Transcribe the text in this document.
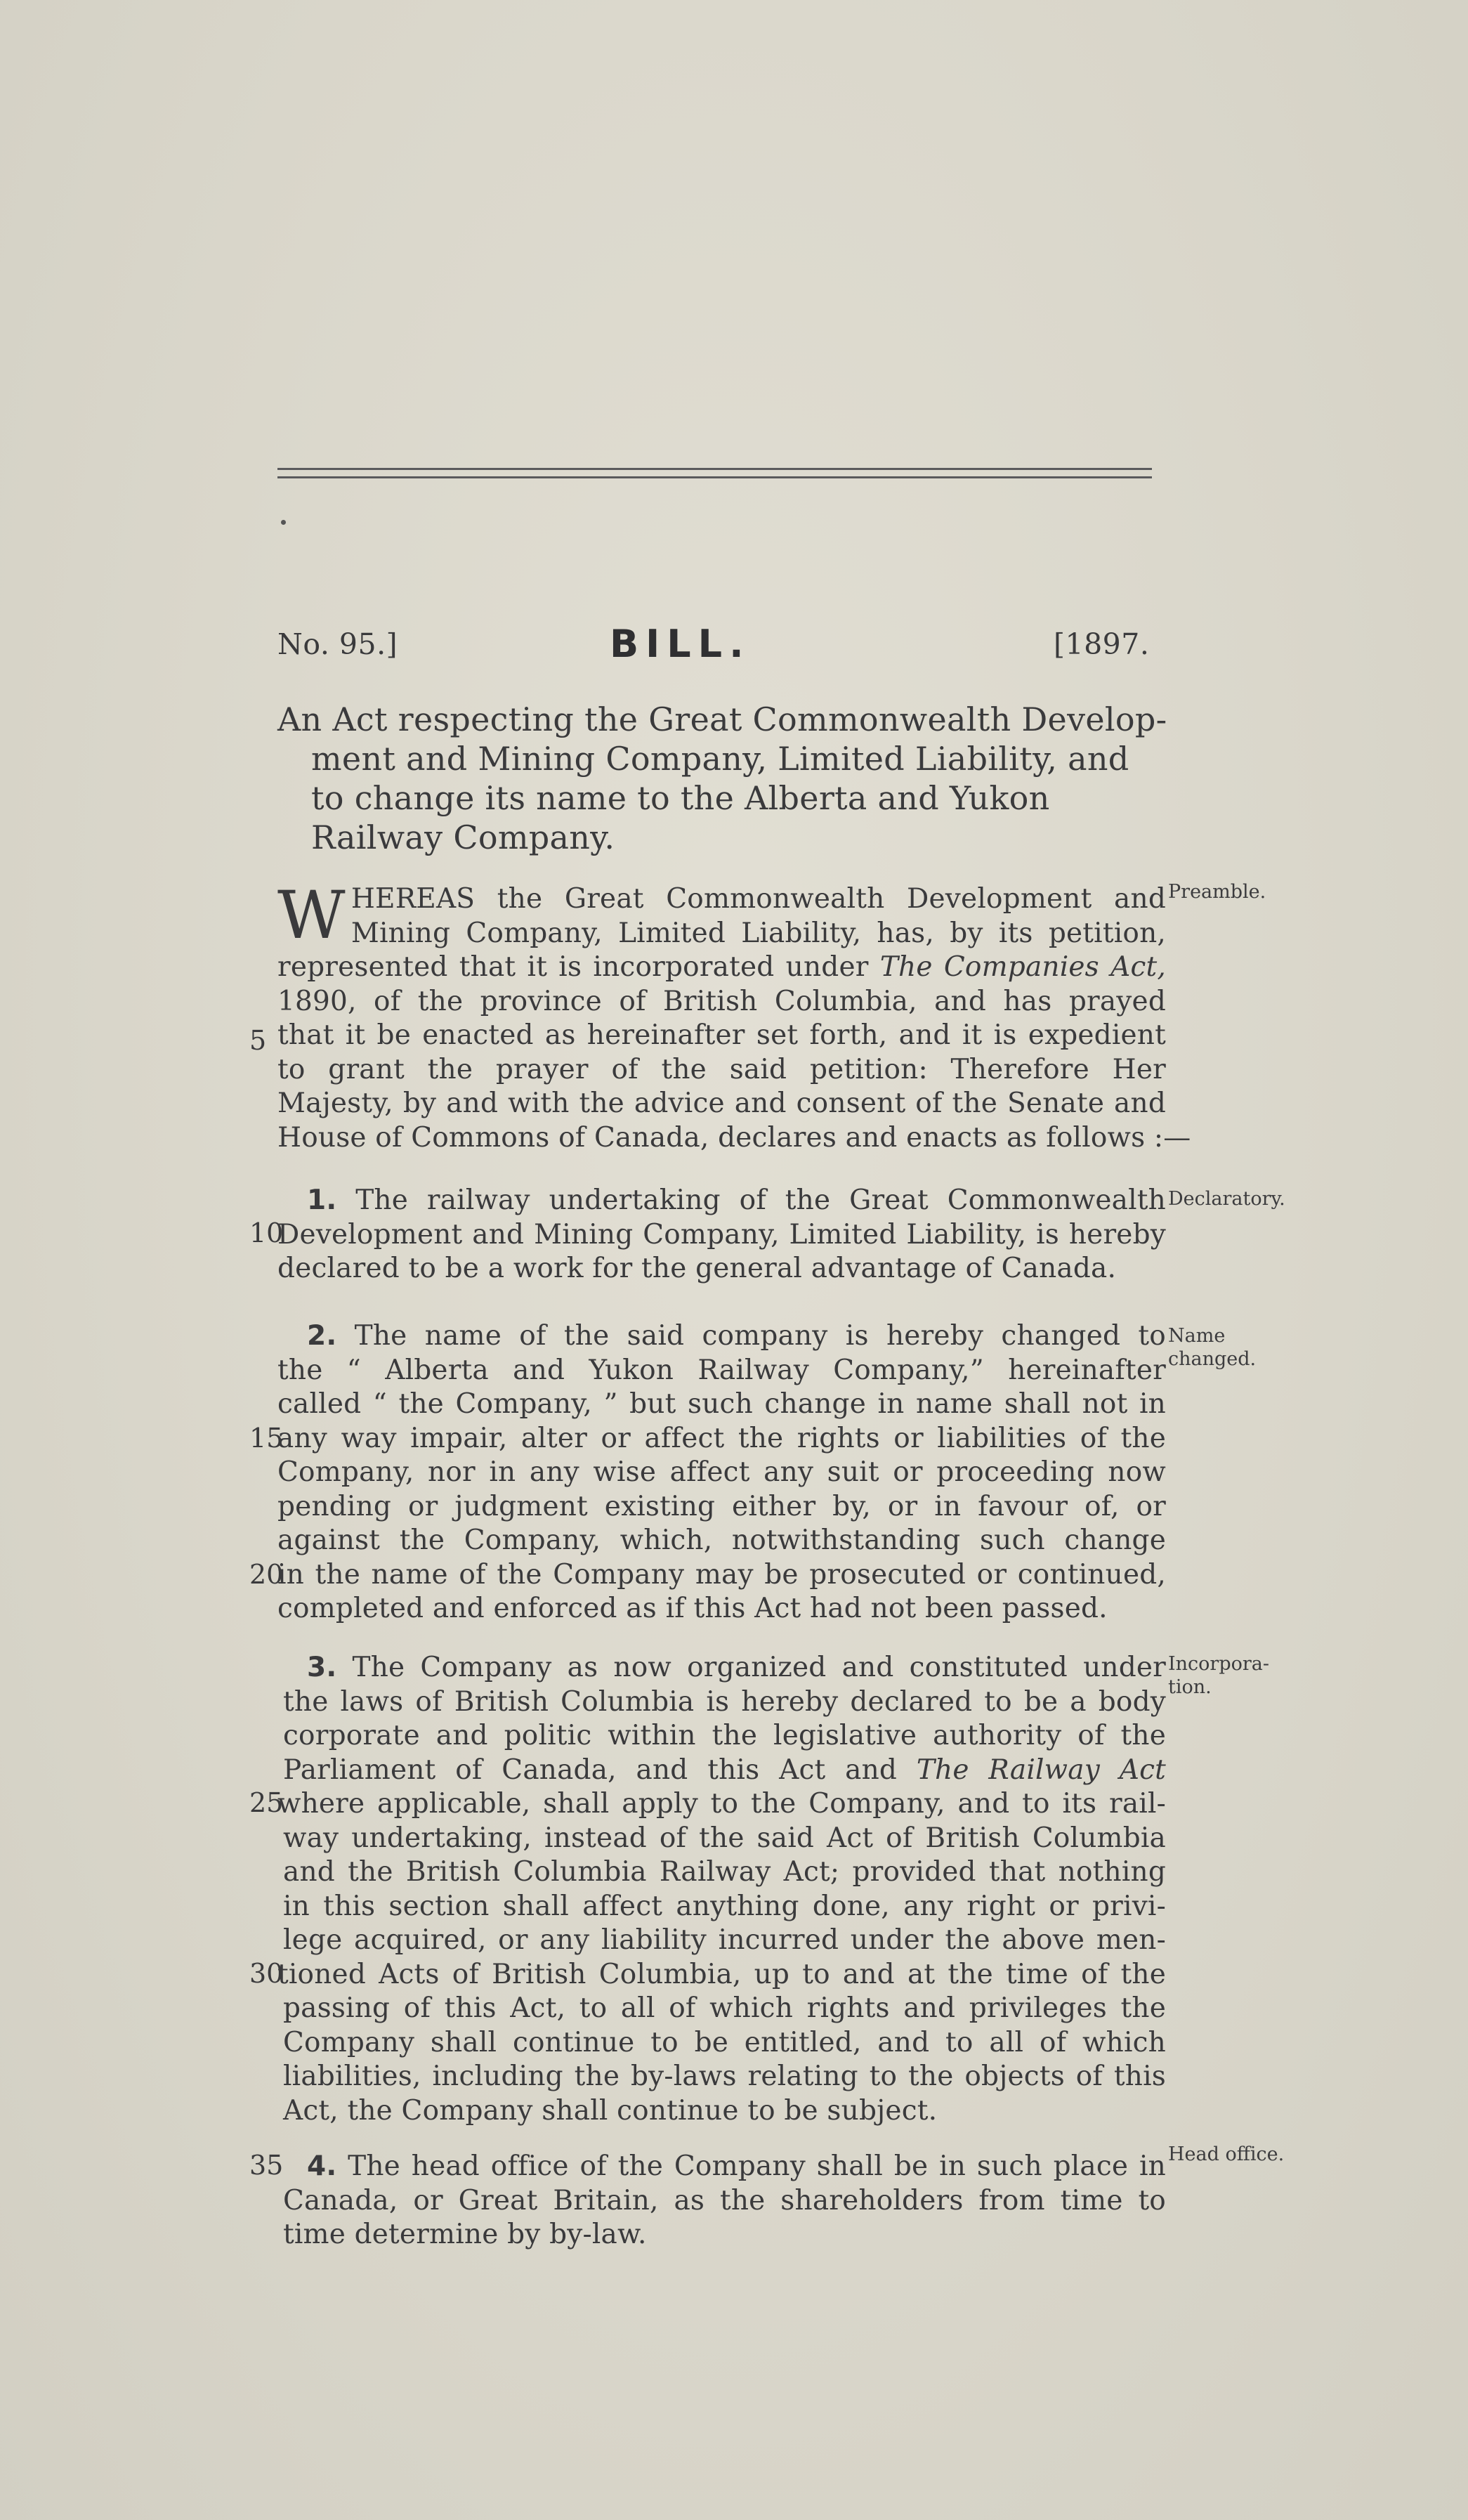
No. 95.]	BILL.	[1897.
An Act respecting the Great Commonwealth Develop-
ment and Mining Company, Limited Liability, and
to change its name to the Alberta and Yukon
Railway Company.
W HEREAS the Great Commonwealth Development and
Mining Company, Limited Liability, has, by its petition,
represented that it is incorporated under The Companies Act,
1890, of the province of British Columbia, and has prayed
that it be enacted as hereinafter set forth, and it is expedient
to grant the prayer of the said petition: Therefore Her
Majesty, by and with the advice and consent of the Senate and
House of Commons of Canada, declares and enacts as follows :—
Preamble.
1. The railway undertaking of the Great Commonwealth
Development and Mining Company, Limited Liability, is hereby
declared to be a work for the general advantage of Canada.
Declaratory.
2. The name of the said company is hereby changed to
the “ Alberta and Yukon Railway Company,” hereinafter
called “ the Company, ” but such change in name shall not in
any way impair, alter or affect the rights or liabilities of the
Company, nor in any wise affect any suit or proceeding now
pending or judgment existing either by, or in favour of, or
against the Company, which, notwithstanding such change
in the name of the Company may be prosecuted or continued,
completed and enforced as if this Act had not been passed.
Name
changed.
3. The Company as now organized and constituted under
the laws of British Columbia is hereby declared to be a body
corporate and politic within the legislative authority of the
Parliament of Canada, and this Act and The Railway Act
where applicable, shall apply to the Company, and to its rail-
way undertaking, instead of the said Act of British Columbia
and the British Columbia Railway Act; provided that nothing
in this section shall affect anything done, any right or privi-
lege acquired, or any liability incurred under the above men-
tioned Acts of British Columbia, up to and at the time of the
passing of this Act, to all of which rights and privileges the
Company shall continue to be entitled, and to all of which
liabilities, including the by-laws relating to the objects of this
Act, the Company shall continue to be subject.
Incorpora-
tion.
4. The head office of the Company shall be in such place in
Canada, or Great Britain, as the shareholders from time to
time determine by by-law.
Head office.
5
10
15
20
25
30
35
